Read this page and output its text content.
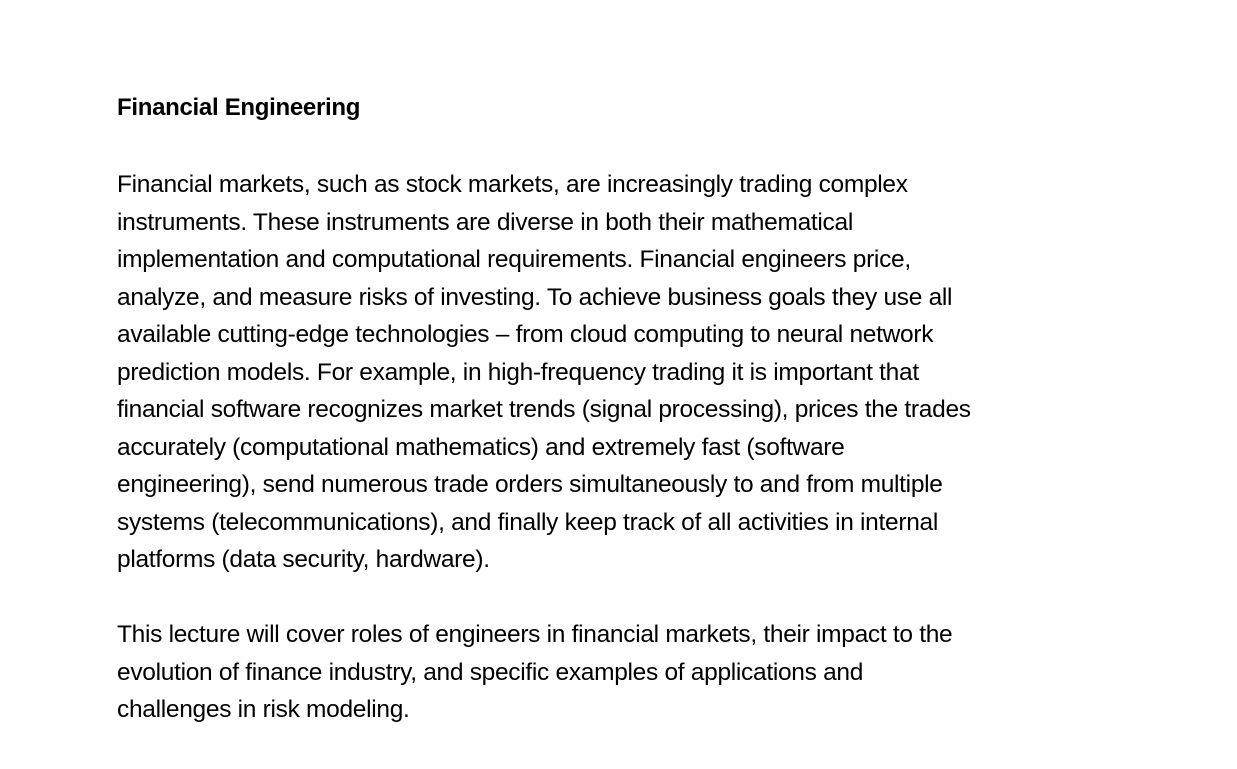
Financial Engineering

Financial markets, such as stock markets, are increasingly trading complex
instruments. These instruments are diverse in both their mathematical
implementation and computational requirements. Financial engineers price,
analyze, and measure risks of investing. To achieve business goals they use all
available cutting-edge technologies – from cloud computing to neural network
prediction models. For example, in high-frequency trading it is important that
financial software recognizes market trends (signal processing), prices the trades
accurately (computational mathematics) and extremely fast (software
engineering), send numerous trade orders simultaneously to and from multiple
systems (telecommunications), and finally keep track of all activities in internal
platforms (data security, hardware).

This lecture will cover roles of engineers in financial markets, their impact to the
evolution of finance industry, and specific examples of applications and
challenges in risk modeling.
